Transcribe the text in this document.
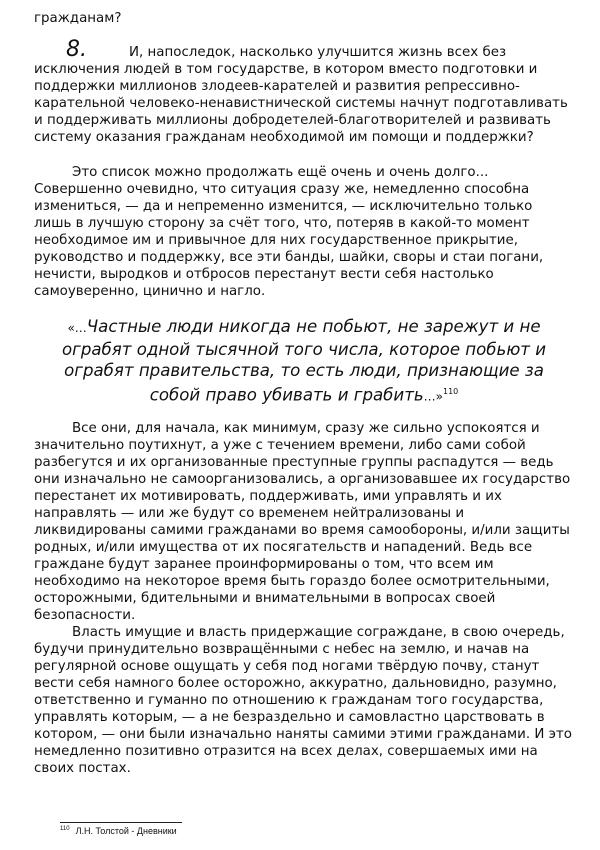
гражданам?

8.	И, напоследок, насколько улучшится жизнь всех без исключения людей в том государстве, в котором вместо подготовки и поддержки миллионов злодеев-карателей и развития репрессивно-карательной человеко-ненавистнической системы начнут подготавливать и поддерживать миллионы добродетелей-благотворителей и развивать систему оказания гражданам необходимой им помощи и поддержки?

Это список можно продолжать ещё очень и очень долго... Совершенно очевидно, что ситуация сразу же, немедленно способна измениться, — да и непременно изменится, — исключительно только лишь в лучшую сторону за счёт того, что, потеряв в какой-то момент необходимое им и привычное для них государственное прикрытие, руководство и поддержку, все эти банды, шайки, своры и стаи погани, нечисти, выродков и отбросов перестанут вести себя настолько самоуверенно, цинично и нагло.

«…Частные люди никогда не побьют, не зарежут и не ограбят одной тысячной того числа, которое побьют и ограбят правительства, то есть люди, признающие за собой право убивать и грабить…»$^{110}$

Все они, для начала, как минимум, сразу же сильно успокоятся и значительно поутихнут, а уже с течением времени, либо сами собой разбегутся и их организованные преступные группы распадутся — ведь они изначально не самоорганизовались, а организовавшее их государство перестанет их мотивировать, поддерживать, ими управлять и их направлять — или же будут со временем нейтрализованы и ликвидированы самими гражданами во время самообороны, и/или защиты родных, и/или имущества от их посягательств и нападений. Ведь все граждане будут заранее проинформированы о том, что всем им необходимо на некоторое время быть гораздо более осмотрительными, осторожными, бдительными и внимательными в вопросах своей безопасности.

Власть имущие и власть придержащие сограждане, в свою очередь, будучи принудительно возвращёнными с небес на землю, и начав на регулярной основе ощущать у себя под ногами твёрдую почву, станут вести себя намного более осторожно, аккуратно, дальновидно, разумно, ответственно и гуманно по отношению к гражданам того государства, управлять которым, — а не безраздельно и самовластно царствовать в котором, — они были изначально наняты самими этими гражданами. И это немедленно позитивно отразится на всех делах, совершаемых ими на своих постах.

$^{110}$ Л.Н. Толстой - Дневники
